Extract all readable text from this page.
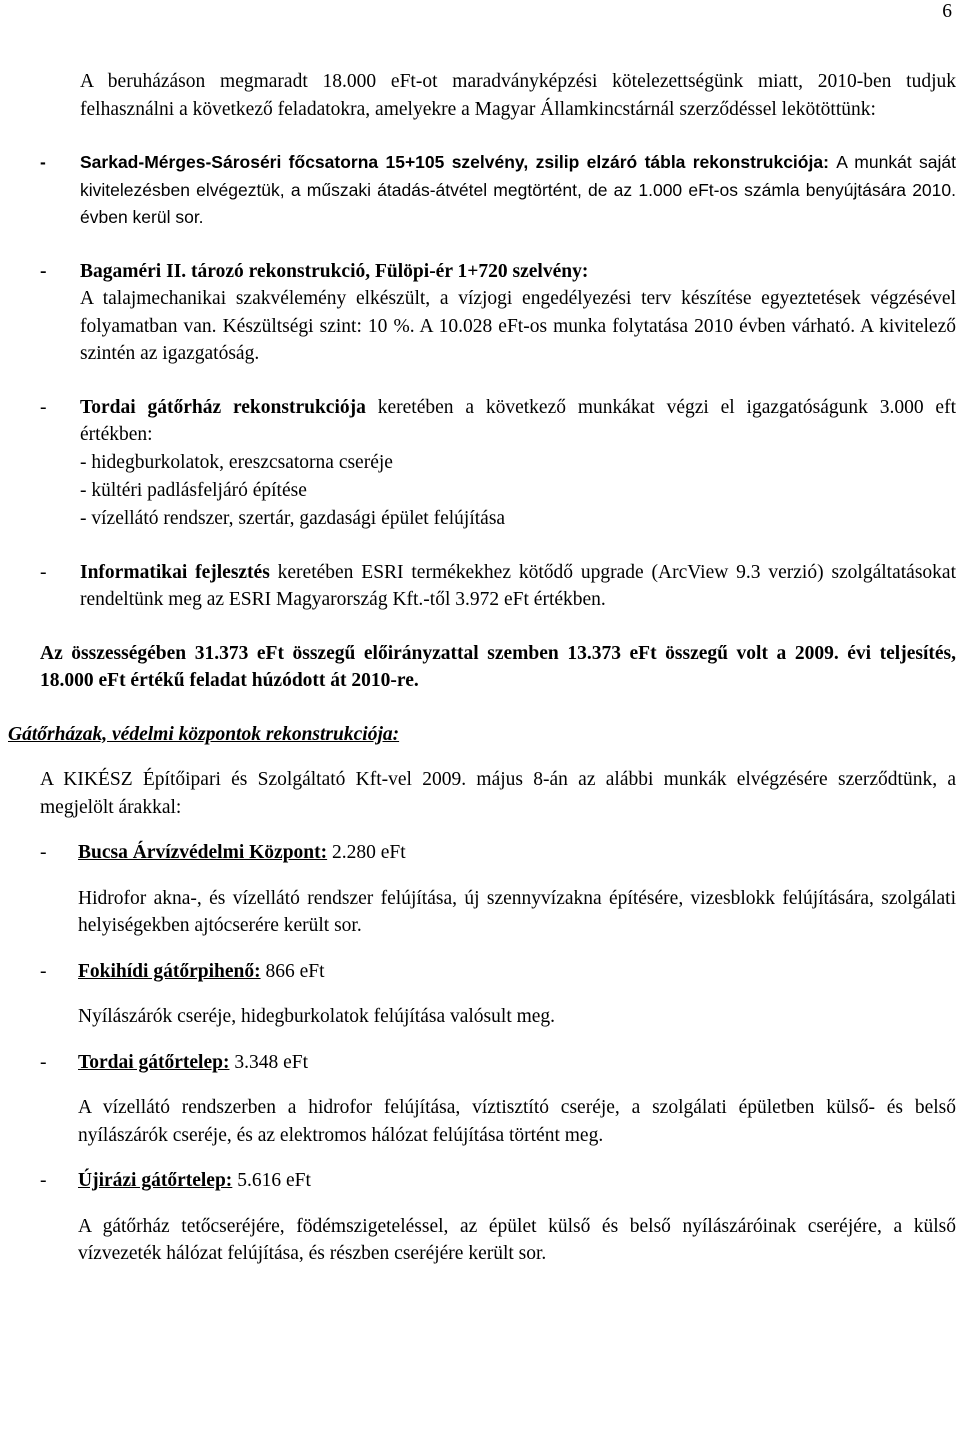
6

A beruházáson megmaradt 18.000 eFt-ot maradványképzési kötelezettségünk miatt, 2010-ben tudjuk felhasználni a következő feladatokra, amelyekre a Magyar Államkincstárnál szerződéssel lekötöttünk:

- Sarkad-Mérges-Sároséri főcsatorna 15+105 szelvény, zsilip elzáró tábla rekonstrukciója: A munkát saját kivitelezésben elvégeztük, a műszaki átadás-átvétel megtörtént, de az 1.000 eFt-os számla benyújtására 2010. évben kerül sor.
- Bagaméri II. tározó rekonstrukció, Fülöpi-ér 1+720 szelvény:
A talajmechanikai szakvélemény elkészült, a vízjogi engedélyezési terv készítése egyeztetések végzésével folyamatban van. Készültségi szint: 10 %. A 10.028 eFt-os munka folytatása 2010 évben várható. A kivitelező szintén az igazgatóság.
- Tordai gátőrház rekonstrukciója keretében a következő munkákat végzi el igazgatóságunk 3.000 eft értékben:
- hidegburkolatok, ereszcsatorna cseréje
- kültéri padlásfeljáró építése
- vízellátó rendszer, szertár, gazdasági épület felújítása
- Informatikai fejlesztés keretében ESRI termékekhez kötődő upgrade (ArcView 9.3 verzió) szolgáltatásokat rendeltünk meg az ESRI Magyarország Kft.-től 3.972 eFt értékben.

Az összességében 31.373 eFt összegű előirányzattal szemben 13.373 eFt összegű volt a 2009. évi teljesítés, 18.000 eFt értékű feladat húzódott át 2010-re.

Gátőrházak, védelmi központok rekonstrukciója:

A KIKÉSZ Építőipari és Szolgáltató Kft-vel 2009. május 8-án az alábbi munkák elvégzésére szerződtünk, a megjelölt árakkal:

- Bucsa Árvízvédelmi Központ: 2.280 eFt
Hidrofor akna-, és vízellátó rendszer felújítása, új szennyvízakna építésére, vizesblokk felújítására, szolgálati helyiségekben ajtócserére került sor.
- Fokihídi gátőrpihenő: 866 eFt
Nyílászárók cseréje, hidegburkolatok felújítása valósult meg.
- Tordai gátőrtelep: 3.348 eFt
A vízellátó rendszerben a hidrofor felújítása, víztisztító cseréje, a szolgálati épületben külső- és belső nyílászárók cseréje, és az elektromos hálózat felújítása történt meg.
- Újirázi gátőrtelep: 5.616 eFt
A gátőrház tetőcseréjére, födémszigeteléssel, az épület külső és belső nyílászáróinak cseréjére, a külső vízvezeték hálózat felújítása, és részben cseréjére került sor.
